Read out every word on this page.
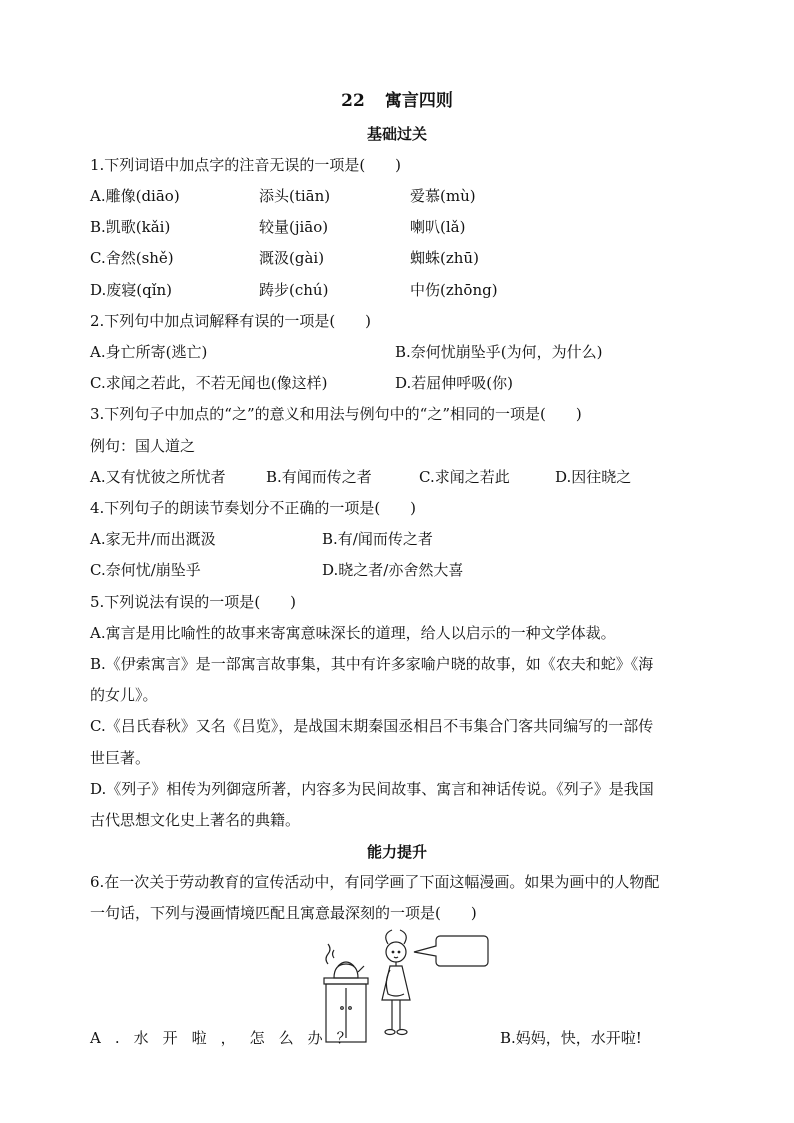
22 寓言四则
基础过关
1.下列词语中加点字的注音无误的一项是(　　)
A.雕像(diāo)	添头(tiān)	爱慕(mù)
B.凯歌(kǎi)	较量(jiāo)	喇叭(lǎ)
C.舍然(shě)	溉汲(gài)	蜘蛛(zhū)
D.废寝(qǐn)	踌步(chú)	中伤(zhōng)
2.下列句中加点词解释有误的一项是(　　)
A.身亡所寄(逃亡)	B.奈何忧崩坠乎(为何，为什么)
C.求闻之若此，不若无闻也(像这样)	D.若屈伸呼吸(你)
3.下列句子中加点的“之”的意义和用法与例句中的“之”相同的一项是(　　)
例句：国人道之
A.又有忧彼之所忧者	B.有闻而传之者	C.求闻之若此	D.因往晓之
4.下列句子的朗读节奏划分不正确的一项是(　　)
A.家无井/而出溉汲	B.有/闻而传之者
C.奈何忧/崩坠乎	D.晓之者/亦舍然大喜
5.下列说法有误的一项是(　　)
A.寓言是用比喻性的故事来寄寓意味深长的道理，给人以启示的一种文学体裁。
B.《伊索寓言》是一部寓言故事集，其中有许多家喻户晓的故事，如《农夫和蛇》《海
的女儿》。
C.《吕氏春秋》又名《吕览》，是战国末期秦国丞相吕不韦集合门客共同编写的一部传
世巨著。
D.《列子》相传为列御寇所著，内容多为民间故事、寓言和神话传说。《列子》是我国
古代思想文化史上著名的典籍。
能力提升
6.在一次关于劳动教育的宣传活动中，有同学画了下面这幅漫画。如果为画中的人物配
一句话，下列与漫画情境匹配且寓意最深刻的一项是(　　)
A.水开啦，怎么办？	B.妈妈，快，水开啦!
